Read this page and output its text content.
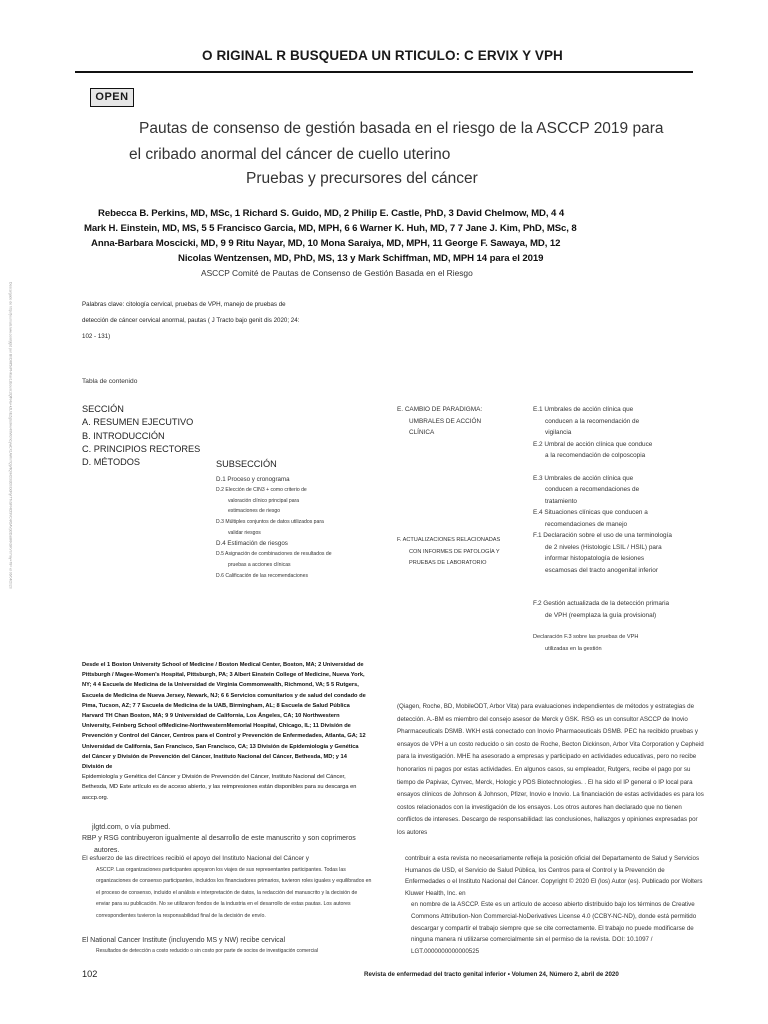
O RIGINAL R BUSQUEDA UN RTICULO: C ERVIX Y VPH
OPEN
Pautas de consenso de gestión basada en el riesgo de la ASCCP 2019 para
el cribado anormal del cáncer de cuello uterino
Pruebas y precursores del cáncer
Rebecca B. Perkins, MD, MSc, 1 Richard S. Guido, MD, 2 Philip E. Castle, PhD, 3 David Chelmow, MD, 4 4
Mark H. Einstein, MD, MS, 5 5 Francisco Garcia, MD, MPH, 6 6 Warner K. Huh, MD, 7 7 Jane J. Kim, PhD, MSc, 8
Anna-Barbara Moscicki, MD, 9 9 Ritu Nayar, MD, 10 Mona Saraiya, MD, MPH, 11 George F. Sawaya, MD, 12
Nicolas Wentzensen, MD, PhD, MS, 13 y Mark Schiffman, MD, MPH 14 para el 2019
ASCCP Comité de Pautas de Consenso de Gestión Basada en el Riesgo
Descargado de http://journals.lww.com/jlgtd por BhDMf5ePHKav1zEoum1tQfN4a+kJLhEZgbsIHo4XMi0hCywCX1AWnYQp/IlQrHD3i3D0OdRyi7TvSFl4Cf3VC4/OAVpDDa8KKGKV0Ymy+78= el 06/04/2020	Palabras clave: citología cervical, pruebas de VPH, manejo de pruebas de
detección de cáncer cervical anormal, pautas ( J Tracto bajo genit dis 2020; 24:
102 - 131)
Tabla de contenido
SECCIÓN
A. RESUMEN EJECUTIVO
B. INTRODUCCIÓN
C. PRINCIPIOS RECTORES
D. MÉTODOS	SUBSECCIÓN
D.1 Proceso y cronograma
D.2 Elección de CIN3 + como criterio de
valoración clínico principal para
estimaciones de riesgo
D.3 Múltiples conjuntos de datos utilizados para
validar riesgos
D.4 Estimación de riesgos
D.5 Asignación de combinaciones de resultados de
pruebas a acciones clínicas
D.6 Calificación de las recomendaciones
E. CAMBIO DE PARADIGMA:
UMBRALES DE ACCIÓN
CLÍNICA
F. ACTUALIZACIONES RELACIONADAS
CON INFORMES DE PATOLOGÍA Y
PRUEBAS DE LABORATORIO
E.1 Umbrales de acción clínica que
conducen a la recomendación de
vigilancia
E.2 Umbral de acción clínica que conduce
a la recomendación de colposcopia
E.3 Umbrales de acción clínica que
conducen a recomendaciones de
tratamiento
E.4 Situaciones clínicas que conducen a
recomendaciones de manejo
F.1 Declaración sobre el uso de una terminología
de 2 niveles (Histologic LSIL / HSIL) para
informar histopatología de lesiones
escamosas del tracto anogenital inferior
F.2 Gestión actualizada de la detección primaria
de VPH (reemplaza la guía provisional)
Declaración F.3 sobre las pruebas de VPH
utilizadas en la gestión
Desde el 1 Boston University School of Medicine / Boston Medical Center, Boston, MA; 2 Universidad de Pittsburgh / Magee-Women's Hospital, Pittsburgh, PA; 3 Albert Einstein College of Medicine, Nueva York, NY; 4 4 Escuela de Medicina de la Universidad de Virginia Commonwealth, Richmond, VA; 5 5 Rutgers, Escuela de Medicina de Nueva Jersey, Newark, NJ; 6 6 Servicios comunitarios y de salud del condado de Pima, Tucson, AZ; 7 7 Escuela de Medicina de la UAB, Birmingham, AL; 8 Escuela de Salud Pública Harvard TH Chan Boston, MA; 9 9 Universidad de California, Los Ángeles, CA; 10 Northwestern University, Feinberg School ofMedicine-NorthwesternMemorial Hospital, Chicago, IL; 11 División de Prevención y Control del Cáncer, Centros para el Control y Prevención de Enfermedades, Atlanta, GA; 12 Universidad de California, San Francisco, San Francisco, CA; 13 División de Epidemiología y Genética del Cáncer y División de Prevención del Cáncer, Instituto Nacional del Cáncer, Bethesda, MD; y 14 División de
Epidemiología y Genética del Cáncer y División de Prevención del Cáncer, Instituto Nacional del Cáncer, Bethesda, MD Este artículo es de acceso abierto, y las reimpresiones están disponibles para su descarga en asccp.org.
(Qiagen, Roche, BD, MobileODT, Arbor Vita) para evaluaciones independientes de métodos y estrategias de detección. A.-BM es miembro del consejo asesor de Merck y GSK. RSG es un consultor ASCCP de Inovio Pharmaceuticals DSMB. WKH está conectado con Inovio Pharmaceuticals DSMB. PEC ha recibido pruebas y ensayos de VPH a un costo reducido o sin costo de Roche, Becton Dickinson, Arbor Vita Corporation y Cepheid para la investigación. MHE ha asesorado a empresas y participado en actividades educativas, pero no recibe honorarios ni pagos por estas actividades. En algunos casos, su empleador, Rutgers, recibe el pago por su tiempo de Papivax, Cynvec, Merck, Hologic y PDS Biotechnologies. . El ha sido el IP general o IP local para ensayos clínicos de Johnson & Johnson, Pfizer, Inovio e Inovio. La financiación de estas actividades es para los costos relacionados con la investigación de los ensayos. Los otros autores han declarado que no tienen conflictos de intereses. Descargo de responsabilidad: las conclusiones, hallazgos y opiniones expresadas por los autores
jlgtd.com, o vía pubmed.
RBP y RSG contribuyeron igualmente al desarrollo de este manuscrito y son coprimeros
autores.
El esfuerzo de las directrices recibió el apoyo del Instituto Nacional del Cáncer y
ASCCP. Las organizaciones participantes apoyaron los viajes de sus representantes participantes. Todas las organizaciones de consenso participantes, incluidos los financiadores primarios, tuvieron roles iguales y equilibrados en el proceso de consenso, incluido el análisis e interpretación de datos, la redacción del manuscrito y la decisión de enviar para su publicación. No se utilizaron fondos de la industria en el desarrollo de estas pautas. Los autores correspondientes tuvieron la responsabilidad final de la decisión de envío.
El National Cancer Institute (incluyendo MS y NW) recibe cervical
Resultados de detección a costo reducido o sin costo por parte de socios de investigación comercial
contribuir a esta revista no necesariamente refleja la posición oficial del Departamento de Salud y Servicios Humanos de USD, el Servicio de Salud Pública, los Centros para el Control y la Prevención de Enfermedades o el Instituto Nacional del Cáncer. Copyright © 2020 El (los) Autor (es). Publicado por Wolters Kluwer Health, Inc. en
en nombre de la ASCCP. Este es un artículo de acceso abierto distribuido bajo los términos de Creative Commons Attribution-Non Commercial-NoDerivatives License 4.0 (CCBY-NC-ND), donde está permitido descargar y compartir el trabajo siempre que se cite correctamente. El trabajo no puede modificarse de ninguna manera ni utilizarse comercialmente sin el permiso de la revista. DOI: 10.1097 / LGT.0000000000000525
102	Revista de enfermedad del tracto genital inferior • Volumen 24, Número 2, abril de 2020
